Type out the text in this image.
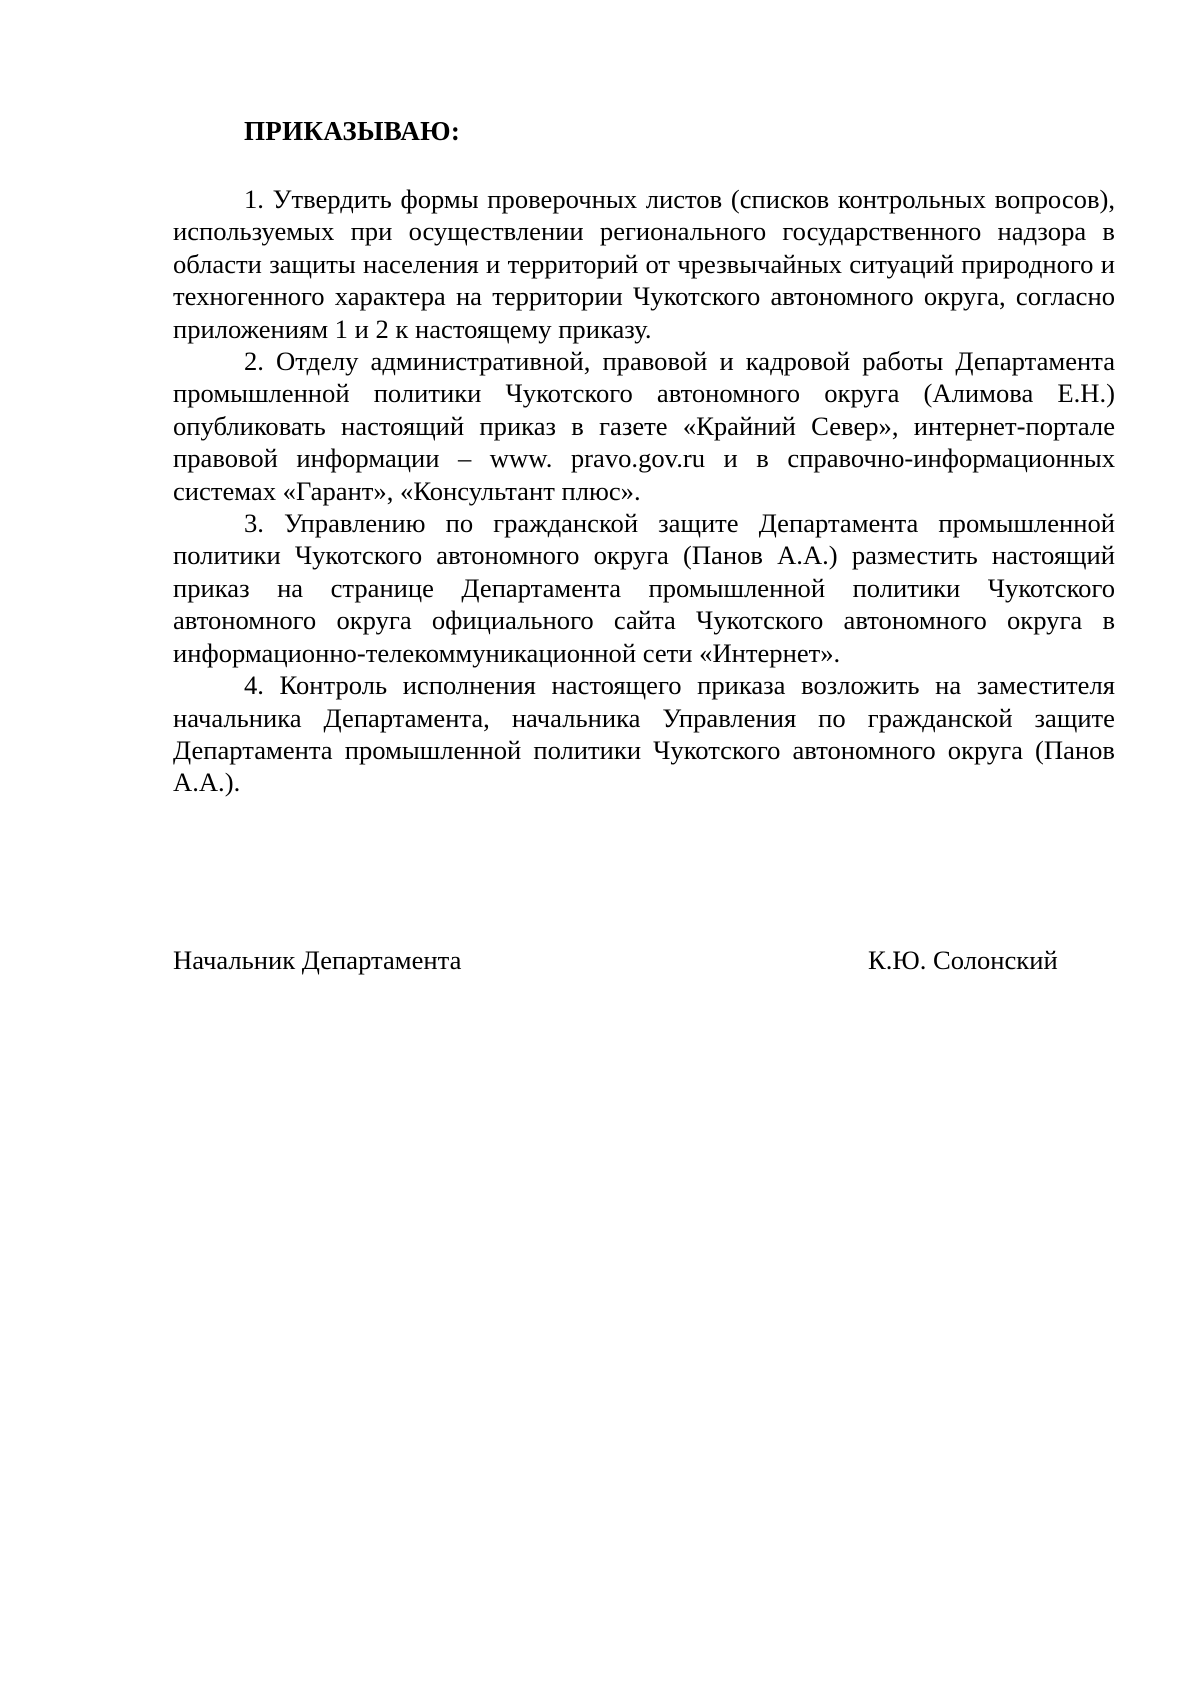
ПРИКАЗЫВАЮ:

1. Утвердить формы проверочных листов (списков контрольных вопросов), используемых при осуществлении регионального государственного надзора в области защиты населения и территорий от чрезвычайных ситуаций природного и техногенного характера на территории Чукотского автономного округа, согласно приложениям 1 и 2 к настоящему приказу.

2. Отделу административной, правовой и кадровой работы Департамента промышленной политики Чукотского автономного округа (Алимова Е.Н.) опубликовать настоящий приказ в газете «Крайний Север», интернет-портале правовой информации – www. pravo.gov.ru и в справочно-информационных системах «Гарант», «Консультант плюс».

3. Управлению по гражданской защите Департамента промышленной политики Чукотского автономного округа (Панов А.А.) разместить настоящий приказ на странице Департамента промышленной политики Чукотского автономного округа официального сайта Чукотского автономного округа в информационно-телекоммуникационной сети «Интернет».

4. Контроль исполнения настоящего приказа возложить на заместителя начальника Департамента, начальника Управления по гражданской защите Департамента промышленной политики Чукотского автономного округа (Панов А.А.).

Начальник Департамента	К.Ю. Солонский
